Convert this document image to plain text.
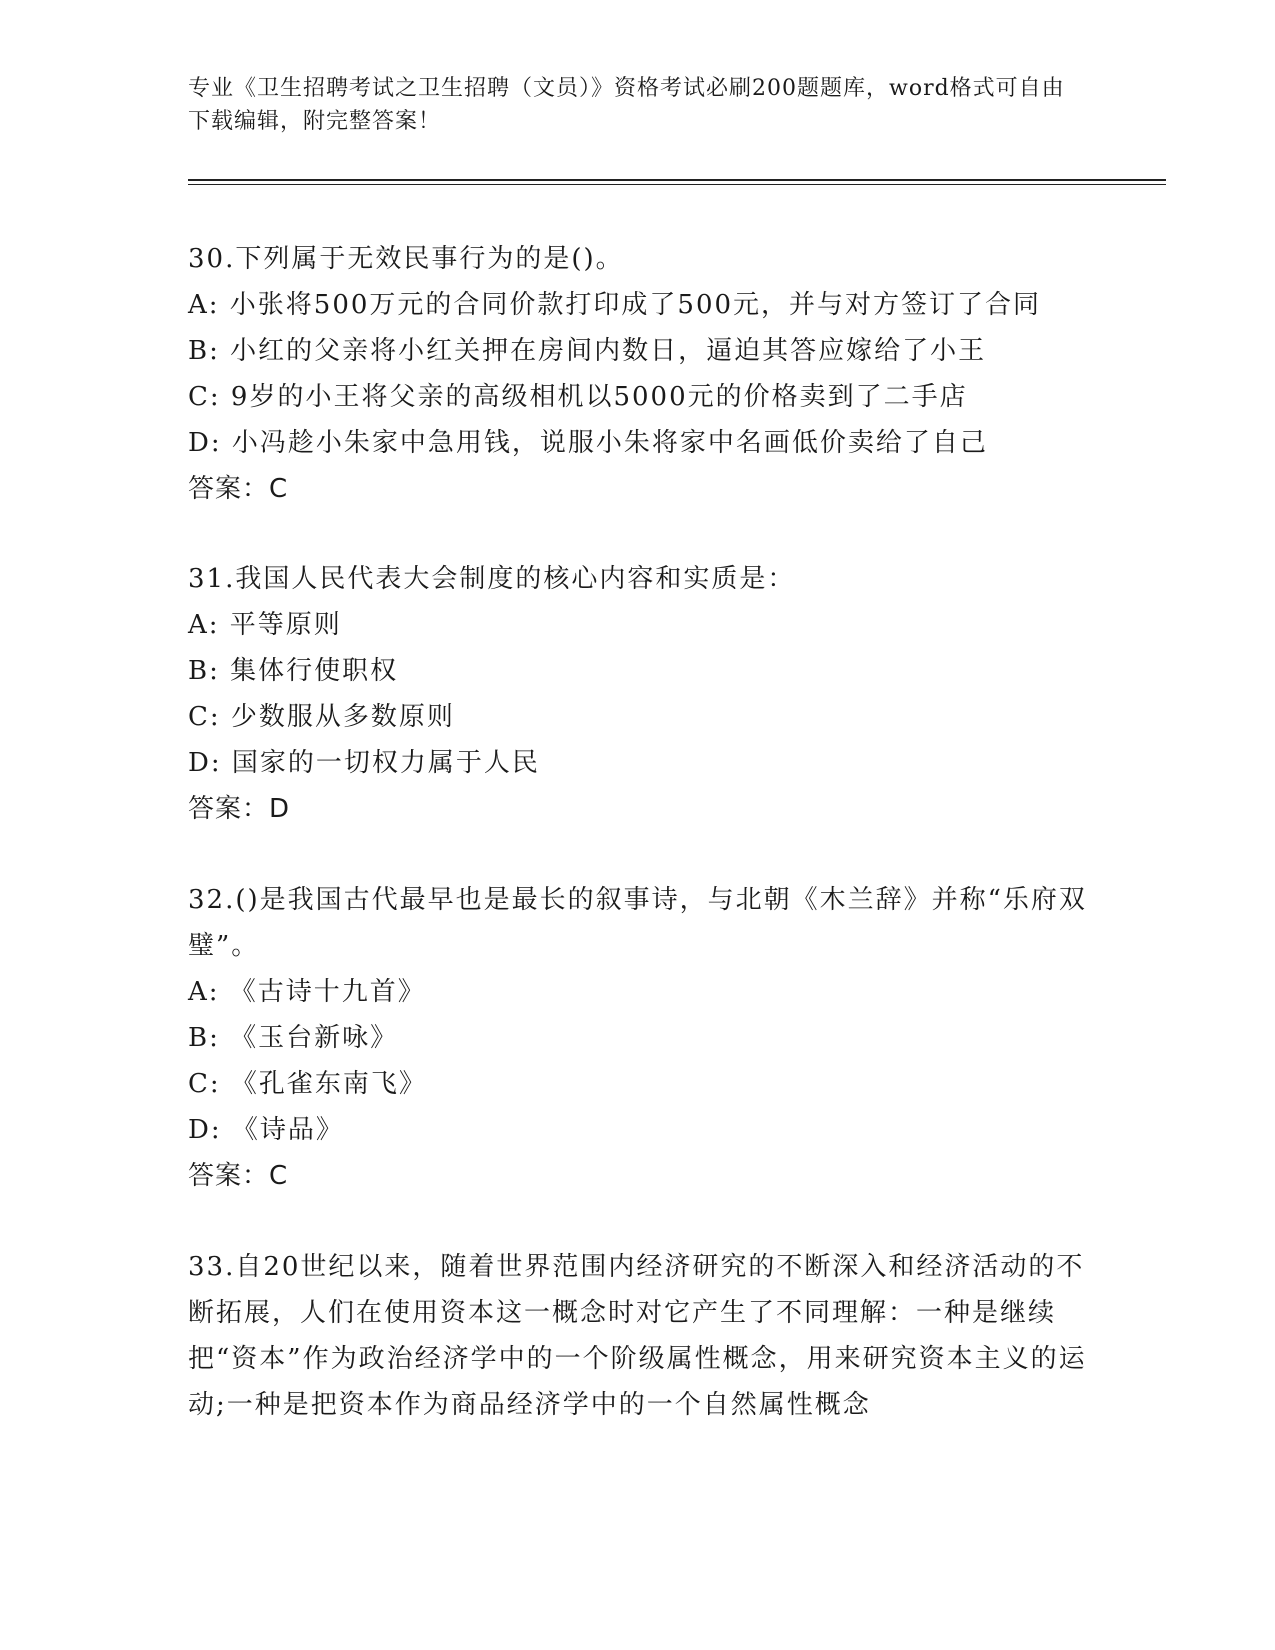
专业《卫生招聘考试之卫生招聘（文员）》资格考试必刷200题题库，word格式可自由下载编辑，附完整答案！

30.下列属于无效民事行为的是()。

A: 小张将500万元的合同价款打印成了500元，并与对方签订了合同

B: 小红的父亲将小红关押在房间内数日，逼迫其答应嫁给了小王

C: 9岁的小王将父亲的高级相机以5000元的价格卖到了二手店

D: 小冯趁小朱家中急用钱，说服小朱将家中名画低价卖给了自己

答案：C

31.我国人民代表大会制度的核心内容和实质是：

A: 平等原则

B: 集体行使职权

C: 少数服从多数原则

D: 国家的一切权力属于人民

答案：D

32.()是我国古代最早也是最长的叙事诗，与北朝《木兰辞》并称“乐府双璧”。

A: 《古诗十九首》

B: 《玉台新咏》

C: 《孔雀东南飞》

D: 《诗品》

答案：C

33.自20世纪以来，随着世界范围内经济研究的不断深入和经济活动的不断拓展，人们在使用资本这一概念时对它产生了不同理解：一种是继续把“资本”作为政治经济学中的一个阶级属性概念，用来研究资本主义的运动;一种是把资本作为商品经济学中的一个自然属性概念
